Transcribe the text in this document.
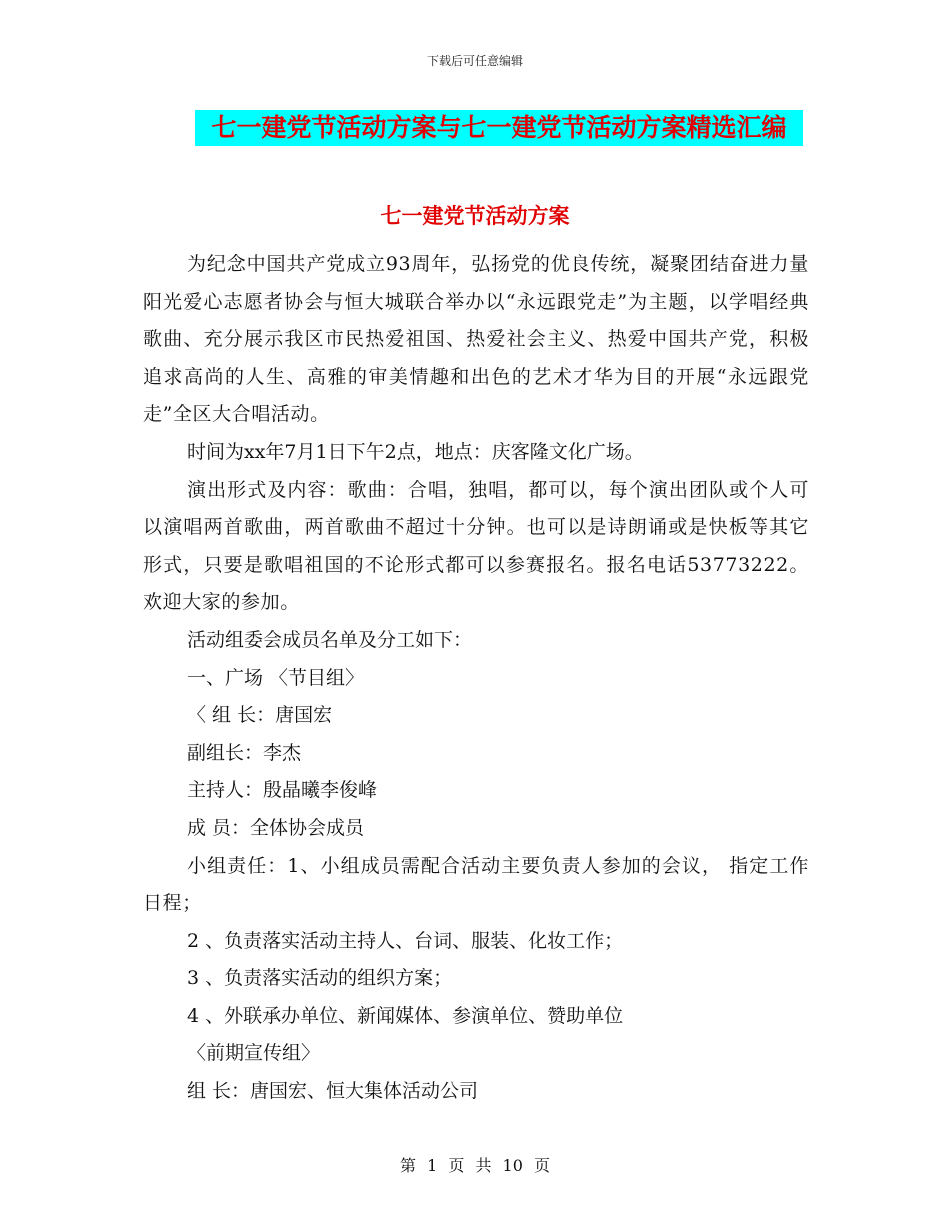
下载后可任意编辑
七一建党节活动方案与七一建党节活动方案精选汇编
七一建党节活动方案

为纪念中国共产党成立93周年，弘扬党的优良传统，凝聚团结奋进力量阳光爱心志愿者协会与恒大城联合举办以“永远跟党走”为主题，以学唱经典歌曲、充分展示我区市民热爱祖国、热爱社会主义、热爱中国共产党，积极追求高尚的人生、高雅的审美情趣和出色的艺术才华为目的开展“永远跟党走”全区大合唱活动。

时间为xx年7月1日下午2点，地点：庆客隆文化广场。

演出形式及内容：歌曲：合唱，独唱，都可以，每个演出团队或个人可以演唱两首歌曲，两首歌曲不超过十分钟。也可以是诗朗诵或是快板等其它形式，只要是歌唱祖国的不论形式都可以参赛报名。报名电话53773222。欢迎大家的参加。

活动组委会成员名单及分工如下：

一、广场 〈节目组〉

〈 组 长：唐国宏

副组长：李杰

主持人：殷晶曦李俊峰

成 员：全体协会成员

小组责任：1、小组成员需配合活动主要负责人参加的会议， 指定工作日程；

2 、负责落实活动主持人、台词、服装、化妆工作；

3 、负责落实活动的组织方案；

4 、外联承办单位、新闻媒体、参演单位、赞助单位

〈前期宣传组〉

组 长：唐国宏、恒大集体活动公司

第 1 页 共 10 页
